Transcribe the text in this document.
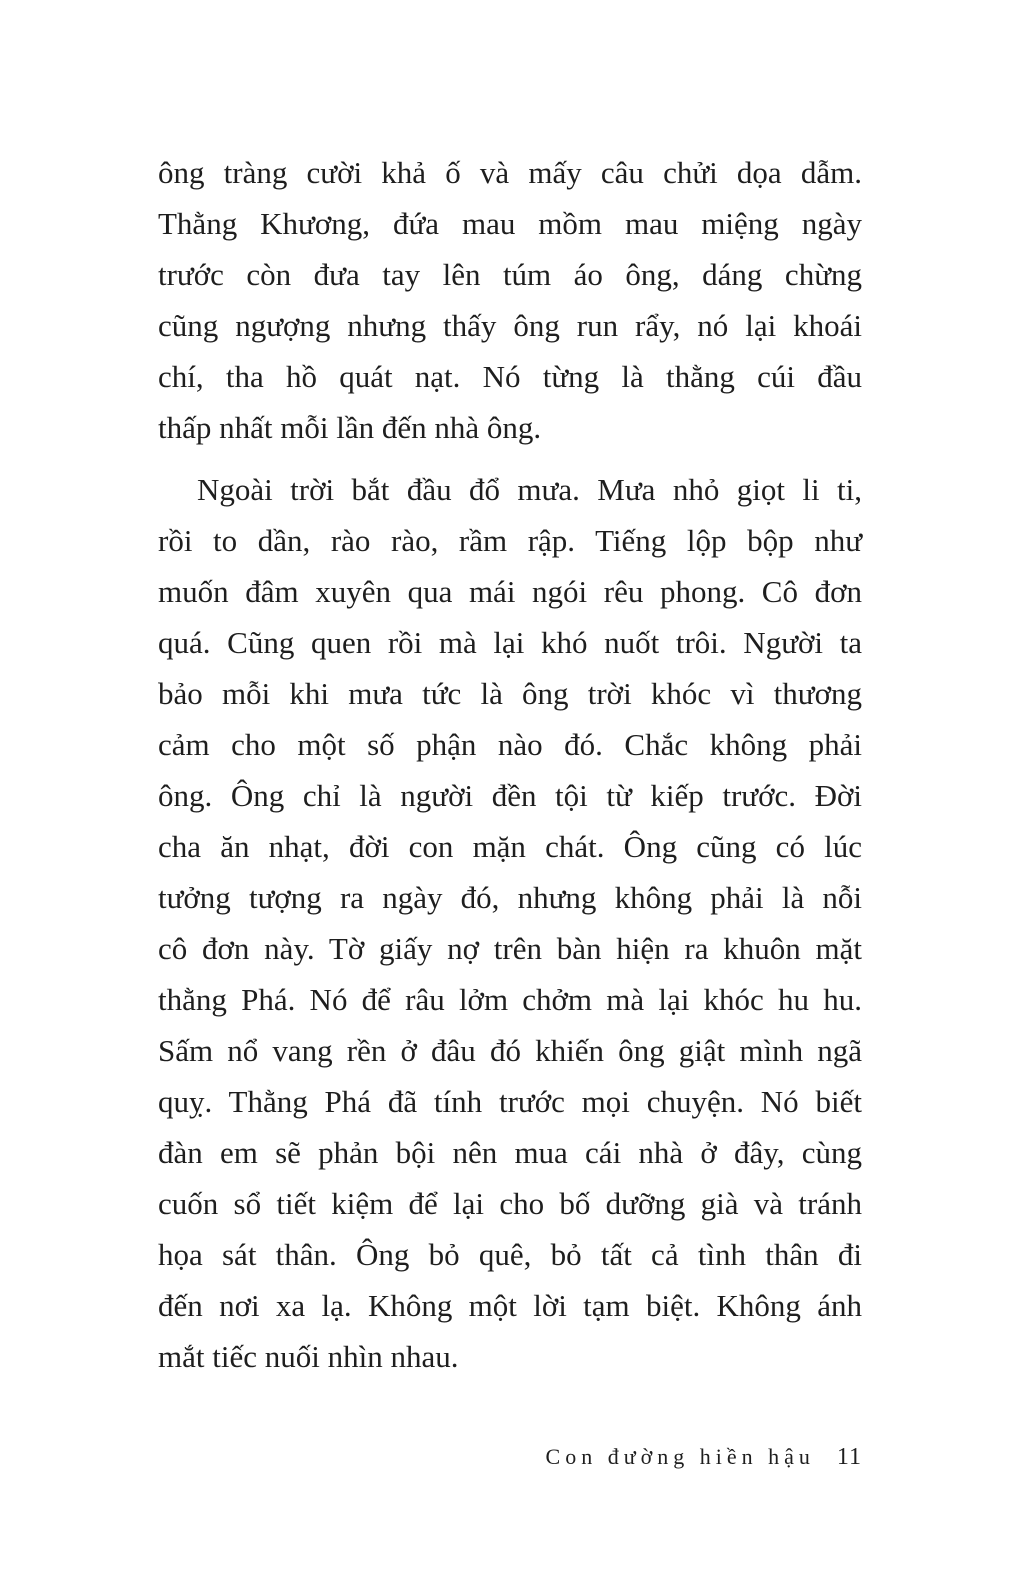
ông tràng cười khả ố và mấy câu chửi dọa dẫm.
Thằng Khương, đứa mau mồm mau miệng ngày
trước còn đưa tay lên túm áo ông, dáng chừng
cũng ngượng nhưng thấy ông run rẩy, nó lại khoái
chí, tha hồ quát nạt. Nó từng là thằng cúi đầu
thấp nhất mỗi lần đến nhà ông.
Ngoài trời bắt đầu đổ mưa. Mưa nhỏ giọt li ti,
rồi to dần, rào rào, rầm rập. Tiếng lộp bộp như
muốn đâm xuyên qua mái ngói rêu phong. Cô đơn
quá. Cũng quen rồi mà lại khó nuốt trôi. Người ta
bảo mỗi khi mưa tức là ông trời khóc vì thương
cảm cho một số phận nào đó. Chắc không phải
ông. Ông chỉ là người đền tội từ kiếp trước. Đời
cha ăn nhạt, đời con mặn chát. Ông cũng có lúc
tưởng tượng ra ngày đó, nhưng không phải là nỗi
cô đơn này. Tờ giấy nợ trên bàn hiện ra khuôn mặt
thằng Phá. Nó để râu lởm chởm mà lại khóc hu hu.
Sấm nổ vang rền ở đâu đó khiến ông giật mình ngã
quỵ. Thằng Phá đã tính trước mọi chuyện. Nó biết
đàn em sẽ phản bội nên mua cái nhà ở đây, cùng
cuốn sổ tiết kiệm để lại cho bố dưỡng già và tránh
họa sát thân. Ông bỏ quê, bỏ tất cả tình thân đi
đến nơi xa lạ. Không một lời tạm biệt. Không ánh
mắt tiếc nuối nhìn nhau.
Con đường hiền hậu 11
